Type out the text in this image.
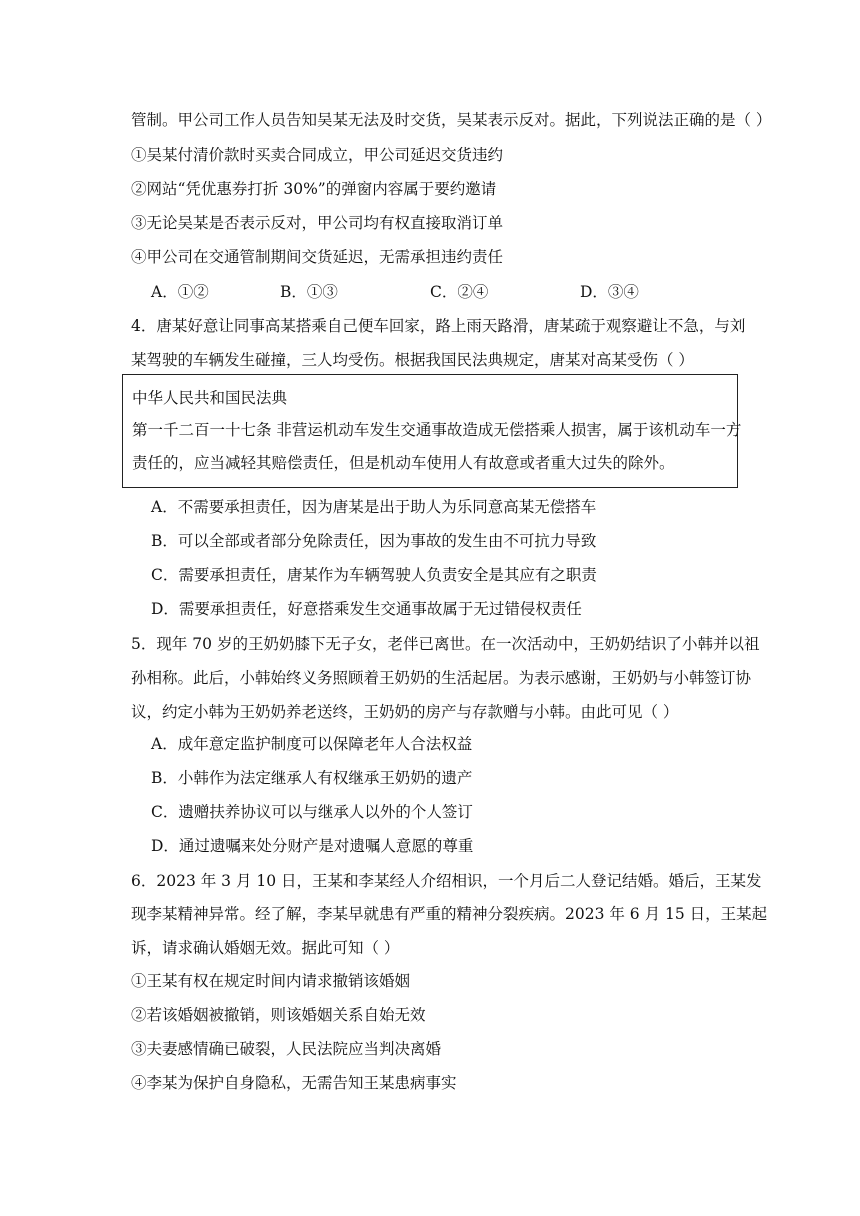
管制。甲公司工作人员告知吴某无法及时交货，吴某表示反对。据此，下列说法正确的是（ ）
①吴某付清价款时买卖合同成立，甲公司延迟交货违约
②网站“凭优惠券打折 30%”的弹窗内容属于要约邀请
③无论吴某是否表示反对，甲公司均有权直接取消订单
④甲公司在交通管制期间交货延迟，无需承担违约责任
A．①②	B．①③	C．②④	D．③④
4．唐某好意让同事高某搭乘自己便车回家，路上雨天路滑，唐某疏于观察避让不急，与刘
某驾驶的车辆发生碰撞，三人均受伤。根据我国民法典规定，唐某对高某受伤（ ）
中华人民共和国民法典
第一千二百一十七条 非营运机动车发生交通事故造成无偿搭乘人损害，属于该机动车一方
责任的，应当减轻其赔偿责任，但是机动车使用人有故意或者重大过失的除外。
A．不需要承担责任，因为唐某是出于助人为乐同意高某无偿搭车
B．可以全部或者部分免除责任，因为事故的发生由不可抗力导致
C．需要承担责任，唐某作为车辆驾驶人负责安全是其应有之职责
D．需要承担责任，好意搭乘发生交通事故属于无过错侵权责任
5．现年 70 岁的王奶奶膝下无子女，老伴已离世。在一次活动中，王奶奶结识了小韩并以祖
孙相称。此后，小韩始终义务照顾着王奶奶的生活起居。为表示感谢，王奶奶与小韩签订协
议，约定小韩为王奶奶养老送终，王奶奶的房产与存款赠与小韩。由此可见（ ）
A．成年意定监护制度可以保障老年人合法权益
B．小韩作为法定继承人有权继承王奶奶的遗产
C．遗赠扶养协议可以与继承人以外的个人签订
D．通过遗嘱来处分财产是对遗嘱人意愿的尊重
6．2023 年 3 月 10 日，王某和李某经人介绍相识，一个月后二人登记结婚。婚后，王某发
现李某精神异常。经了解，李某早就患有严重的精神分裂疾病。2023 年 6 月 15 日，王某起
诉，请求确认婚姻无效。据此可知（ ）
①王某有权在规定时间内请求撤销该婚姻
②若该婚姻被撤销，则该婚姻关系自始无效
③夫妻感情确已破裂，人民法院应当判决离婚
④李某为保护自身隐私，无需告知王某患病事实
